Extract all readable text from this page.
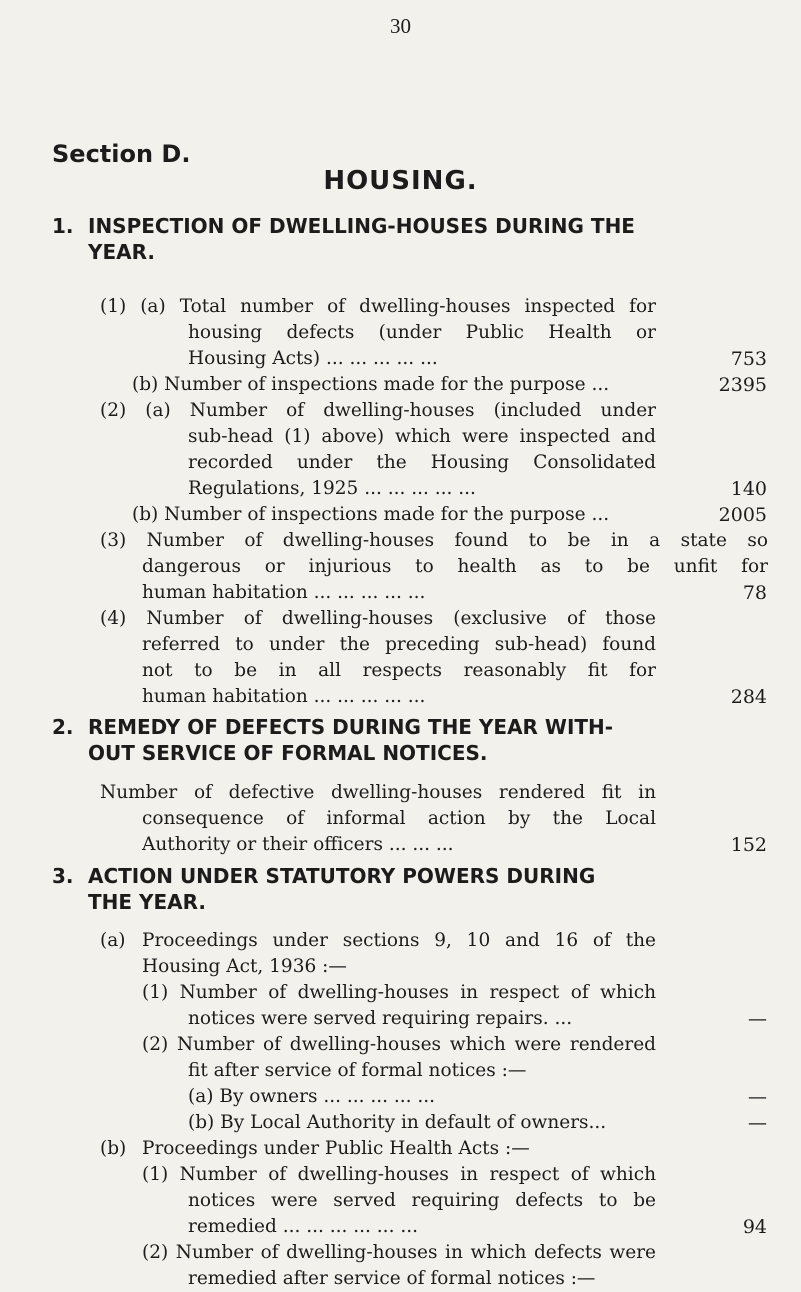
30
Section D.
HOUSING.
1. INSPECTION OF DWELLING-HOUSES DURING THE
YEAR.
(1) (a) Total number of dwelling-houses inspected for
housing defects (under Public Health or
Housing Acts) ... ... ... ... ...	753
(b) Number of inspections made for the purpose ...	2395
(2) (a) Number of dwelling-houses (included under
sub-head (1) above) which were inspected and
recorded under the Housing Consolidated
Regulations, 1925 ... ... ... ... ...	140
(b) Number of inspections made for the purpose ...	2005
(3) Number of dwelling-houses found to be in a state so
dangerous or injurious to health as to be unfit for
human habitation ... ... ... ... ...	78
(4) Number of dwelling-houses (exclusive of those
referred to under the preceding sub-head) found
not to be in all respects reasonably fit for
human habitation ... ... ... ... ...	284
2. REMEDY OF DEFECTS DURING THE YEAR WITH-
OUT SERVICE OF FORMAL NOTICES.
Number of defective dwelling-houses rendered fit in
consequence of informal action by the Local
Authority or their officers ... ... ...	152
3. ACTION UNDER STATUTORY POWERS DURING
THE YEAR.
(a) Proceedings under sections 9, 10 and 16 of the
Housing Act, 1936 :—
(1) Number of dwelling-houses in respect of which
notices were served requiring repairs. ...	—
(2) Number of dwelling-houses which were rendered
fit after service of formal notices :—
(a) By owners ... ... ... ... ...	—
(b) By Local Authority in default of owners...	—
(b) Proceedings under Public Health Acts :—
(1) Number of dwelling-houses in respect of which
notices were served requiring defects to be
remedied ... ... ... ... ... ...	94
(2) Number of dwelling-houses in which defects were
remedied after service of formal notices :—
